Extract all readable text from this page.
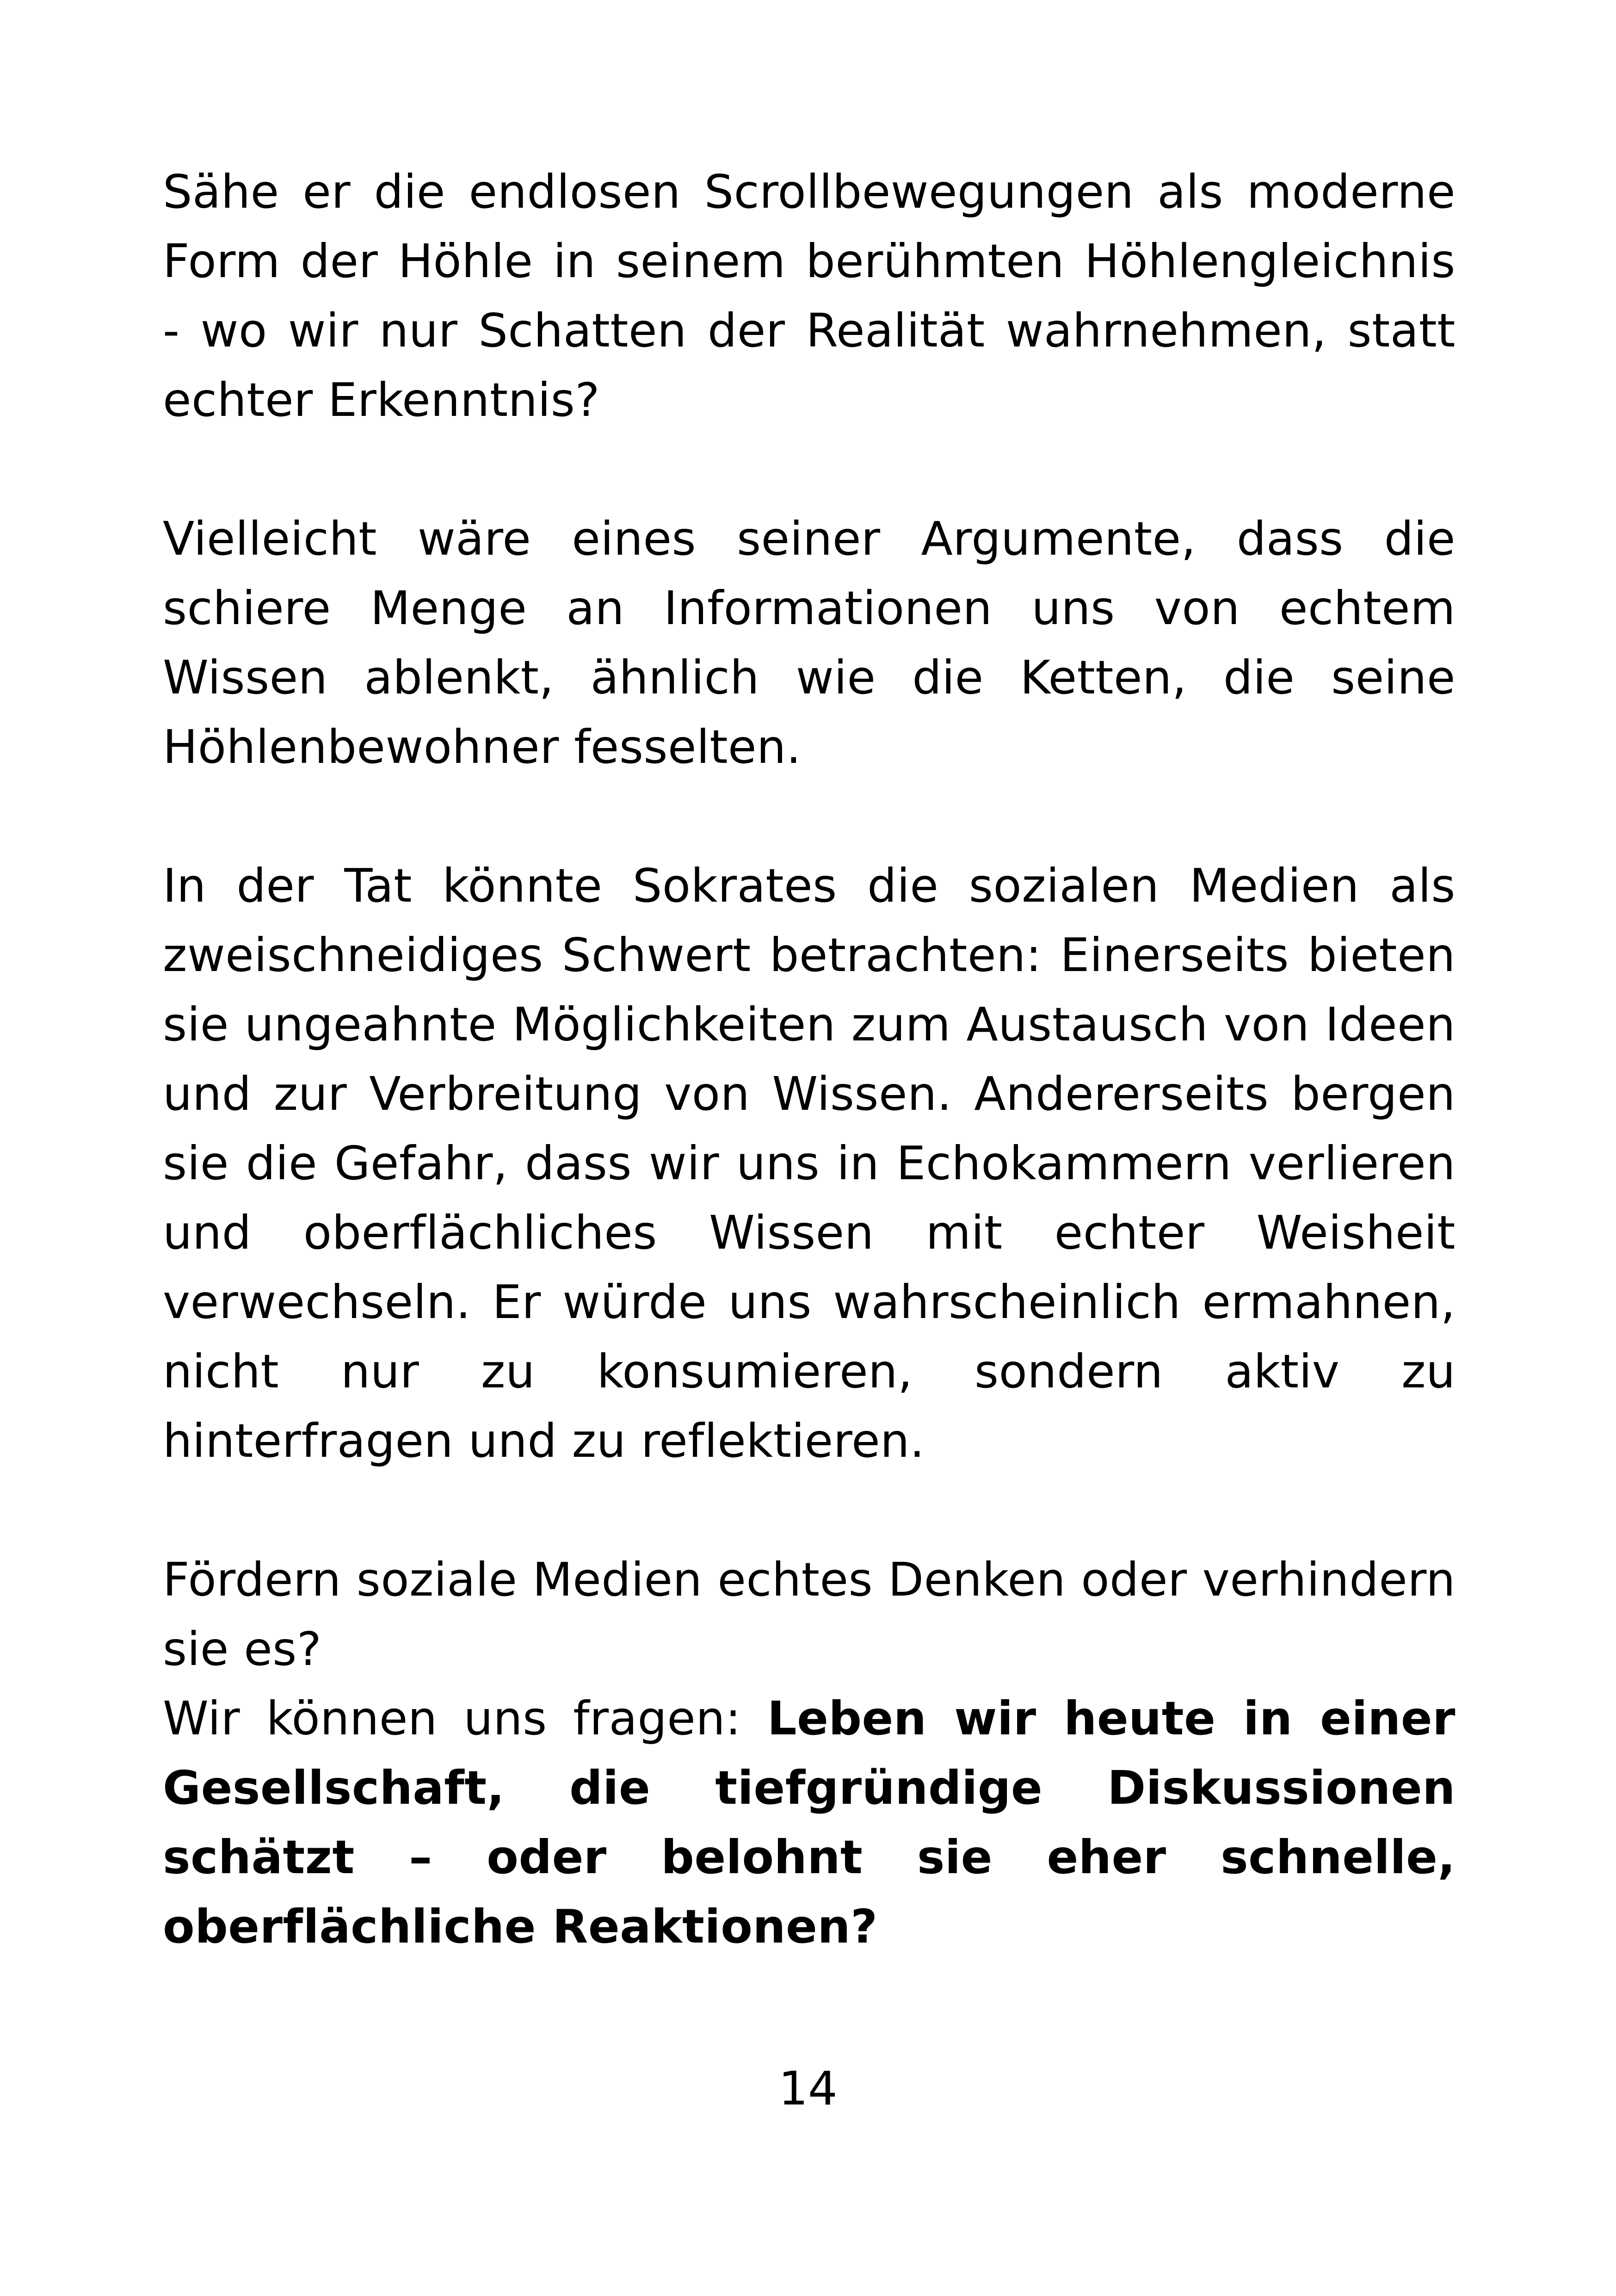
Sähe er die endlosen Scrollbewegungen als moderne Form der Höhle in seinem berühmten Höhlengleichnis - wo wir nur Schatten der Realität wahrnehmen, statt echter Erkenntnis?

Vielleicht wäre eines seiner Argumente, dass die schiere Menge an Informationen uns von echtem Wissen ablenkt, ähnlich wie die Ketten, die seine Höhlenbewohner fesselten.

In der Tat könnte Sokrates die sozialen Medien als zweischneidiges Schwert betrachten: Einerseits bieten sie ungeahnte Möglichkeiten zum Austausch von Ideen und zur Verbreitung von Wissen. Andererseits bergen sie die Gefahr, dass wir uns in Echokammern verlieren und oberflächliches Wissen mit echter Weisheit verwechseln. Er würde uns wahrscheinlich ermahnen, nicht nur zu konsumieren, sondern aktiv zu hinterfragen und zu reflektieren.

Fördern soziale Medien echtes Denken oder verhindern sie es?

Wir können uns fragen: Leben wir heute in einer Gesellschaft, die tiefgründige Diskussionen schätzt – oder belohnt sie eher schnelle, oberflächliche Reaktionen?

14
